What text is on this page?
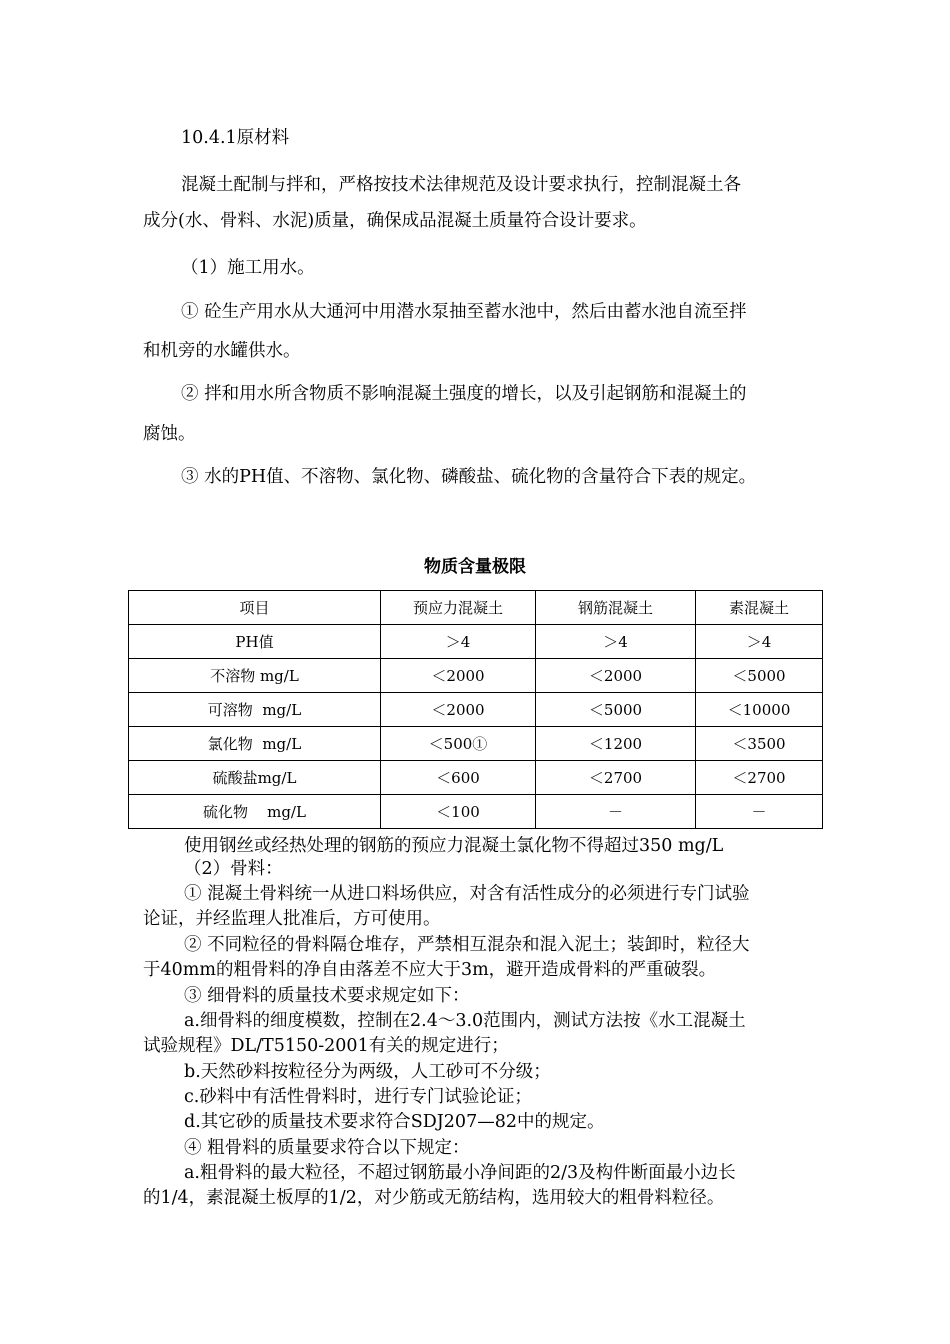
10.4.1原材料
混凝土配制与拌和，严格按技术法律规范及设计要求执行，控制混凝土各
成分(水、骨料、水泥)质量，确保成品混凝土质量符合设计要求。
（1）施工用水。
① 砼生产用水从大通河中用潜水泵抽至蓄水池中，然后由蓄水池自流至拌
和机旁的水罐供水。
② 拌和用水所含物质不影响混凝土强度的增长，以及引起钢筋和混凝土的
腐蚀。
③ 水的PH值、不溶物、氯化物、磷酸盐、硫化物的含量符合下表的规定。
物质含量极限
项目	预应力混凝土	钢筋混凝土	素混凝土
PH值	＞4	＞4	＞4
不溶物 mg/L	＜2000	＜2000	＜5000
可溶物  mg/L	＜2000	＜5000	＜10000
氯化物  mg/L	＜500①	＜1200	＜3500
硫酸盐mg/L	＜600	＜2700	＜2700
硫化物    mg/L	＜100	－	－
使用钢丝或经热处理的钢筋的预应力混凝土氯化物不得超过350 mg/L
（2）骨料：
① 混凝土骨料统一从进口料场供应，对含有活性成分的必须进行专门试验
论证，并经监理人批准后，方可使用。
② 不同粒径的骨料隔仓堆存，严禁相互混杂和混入泥土；装卸时，粒径大
于40mm的粗骨料的净自由落差不应大于3m，避开造成骨料的严重破裂。
③ 细骨料的质量技术要求规定如下：
a.细骨料的细度模数，控制在2.4～3.0范围内，测试方法按《水工混凝土
试验规程》DL/T5150-2001有关的规定进行；
b.天然砂料按粒径分为两级，人工砂可不分级；
c.砂料中有活性骨料时，进行专门试验论证；
d.其它砂的质量技术要求符合SDJ207—82中的规定。
④ 粗骨料的质量要求符合以下规定：
a.粗骨料的最大粒径，不超过钢筋最小净间距的2/3及构件断面最小边长
的1/4，素混凝土板厚的1/2，对少筋或无筋结构，选用较大的粗骨料粒径。
